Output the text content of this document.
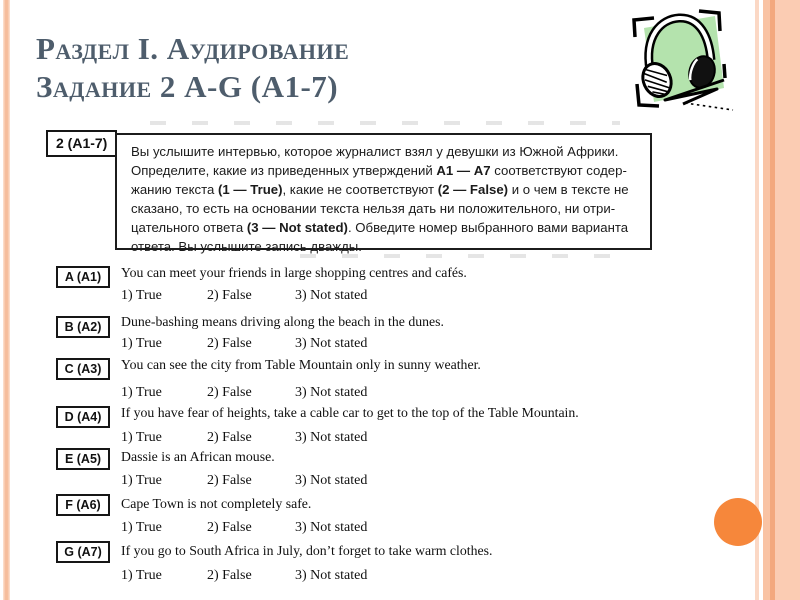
Раздел I. Аудирование
Задание 2 A-G (A1-7)
2 (A1-7)
Вы услышите интервью, которое журналист взял у девушки из Южной Африки.
Определите, какие из приведенных утверждений А1 — А7 соответствуют содер-
жанию текста (1 — True), какие не соответствуют (2 — False) и о чем в тексте не
сказано, то есть на основании текста нельзя дать ни положительного, ни отри-
цательного ответа (3 — Not stated). Обведите номер выбранного вами варианта
ответа. Вы услышите запись дважды.
A (A1)	You can meet your friends in large shopping centres and cafés.
1) True	2) False	3) Not stated
B (A2)	Dune-bashing means driving along the beach in the dunes.
1) True	2) False	3) Not stated
C (A3)	You can see the city from Table Mountain only in sunny weather.
1) True	2) False	3) Not stated
D (A4)	If you have fear of heights, take a cable car to get to the top of the Table Mountain.
1) True	2) False	3) Not stated
E (A5)	Dassie is an African mouse.
1) True	2) False	3) Not stated
F (A6)	Cape Town is not completely safe.
1) True	2) False	3) Not stated
G (A7)	If you go to South Africa in July, don’t forget to take warm clothes.
1) True	2) False	3) Not stated
